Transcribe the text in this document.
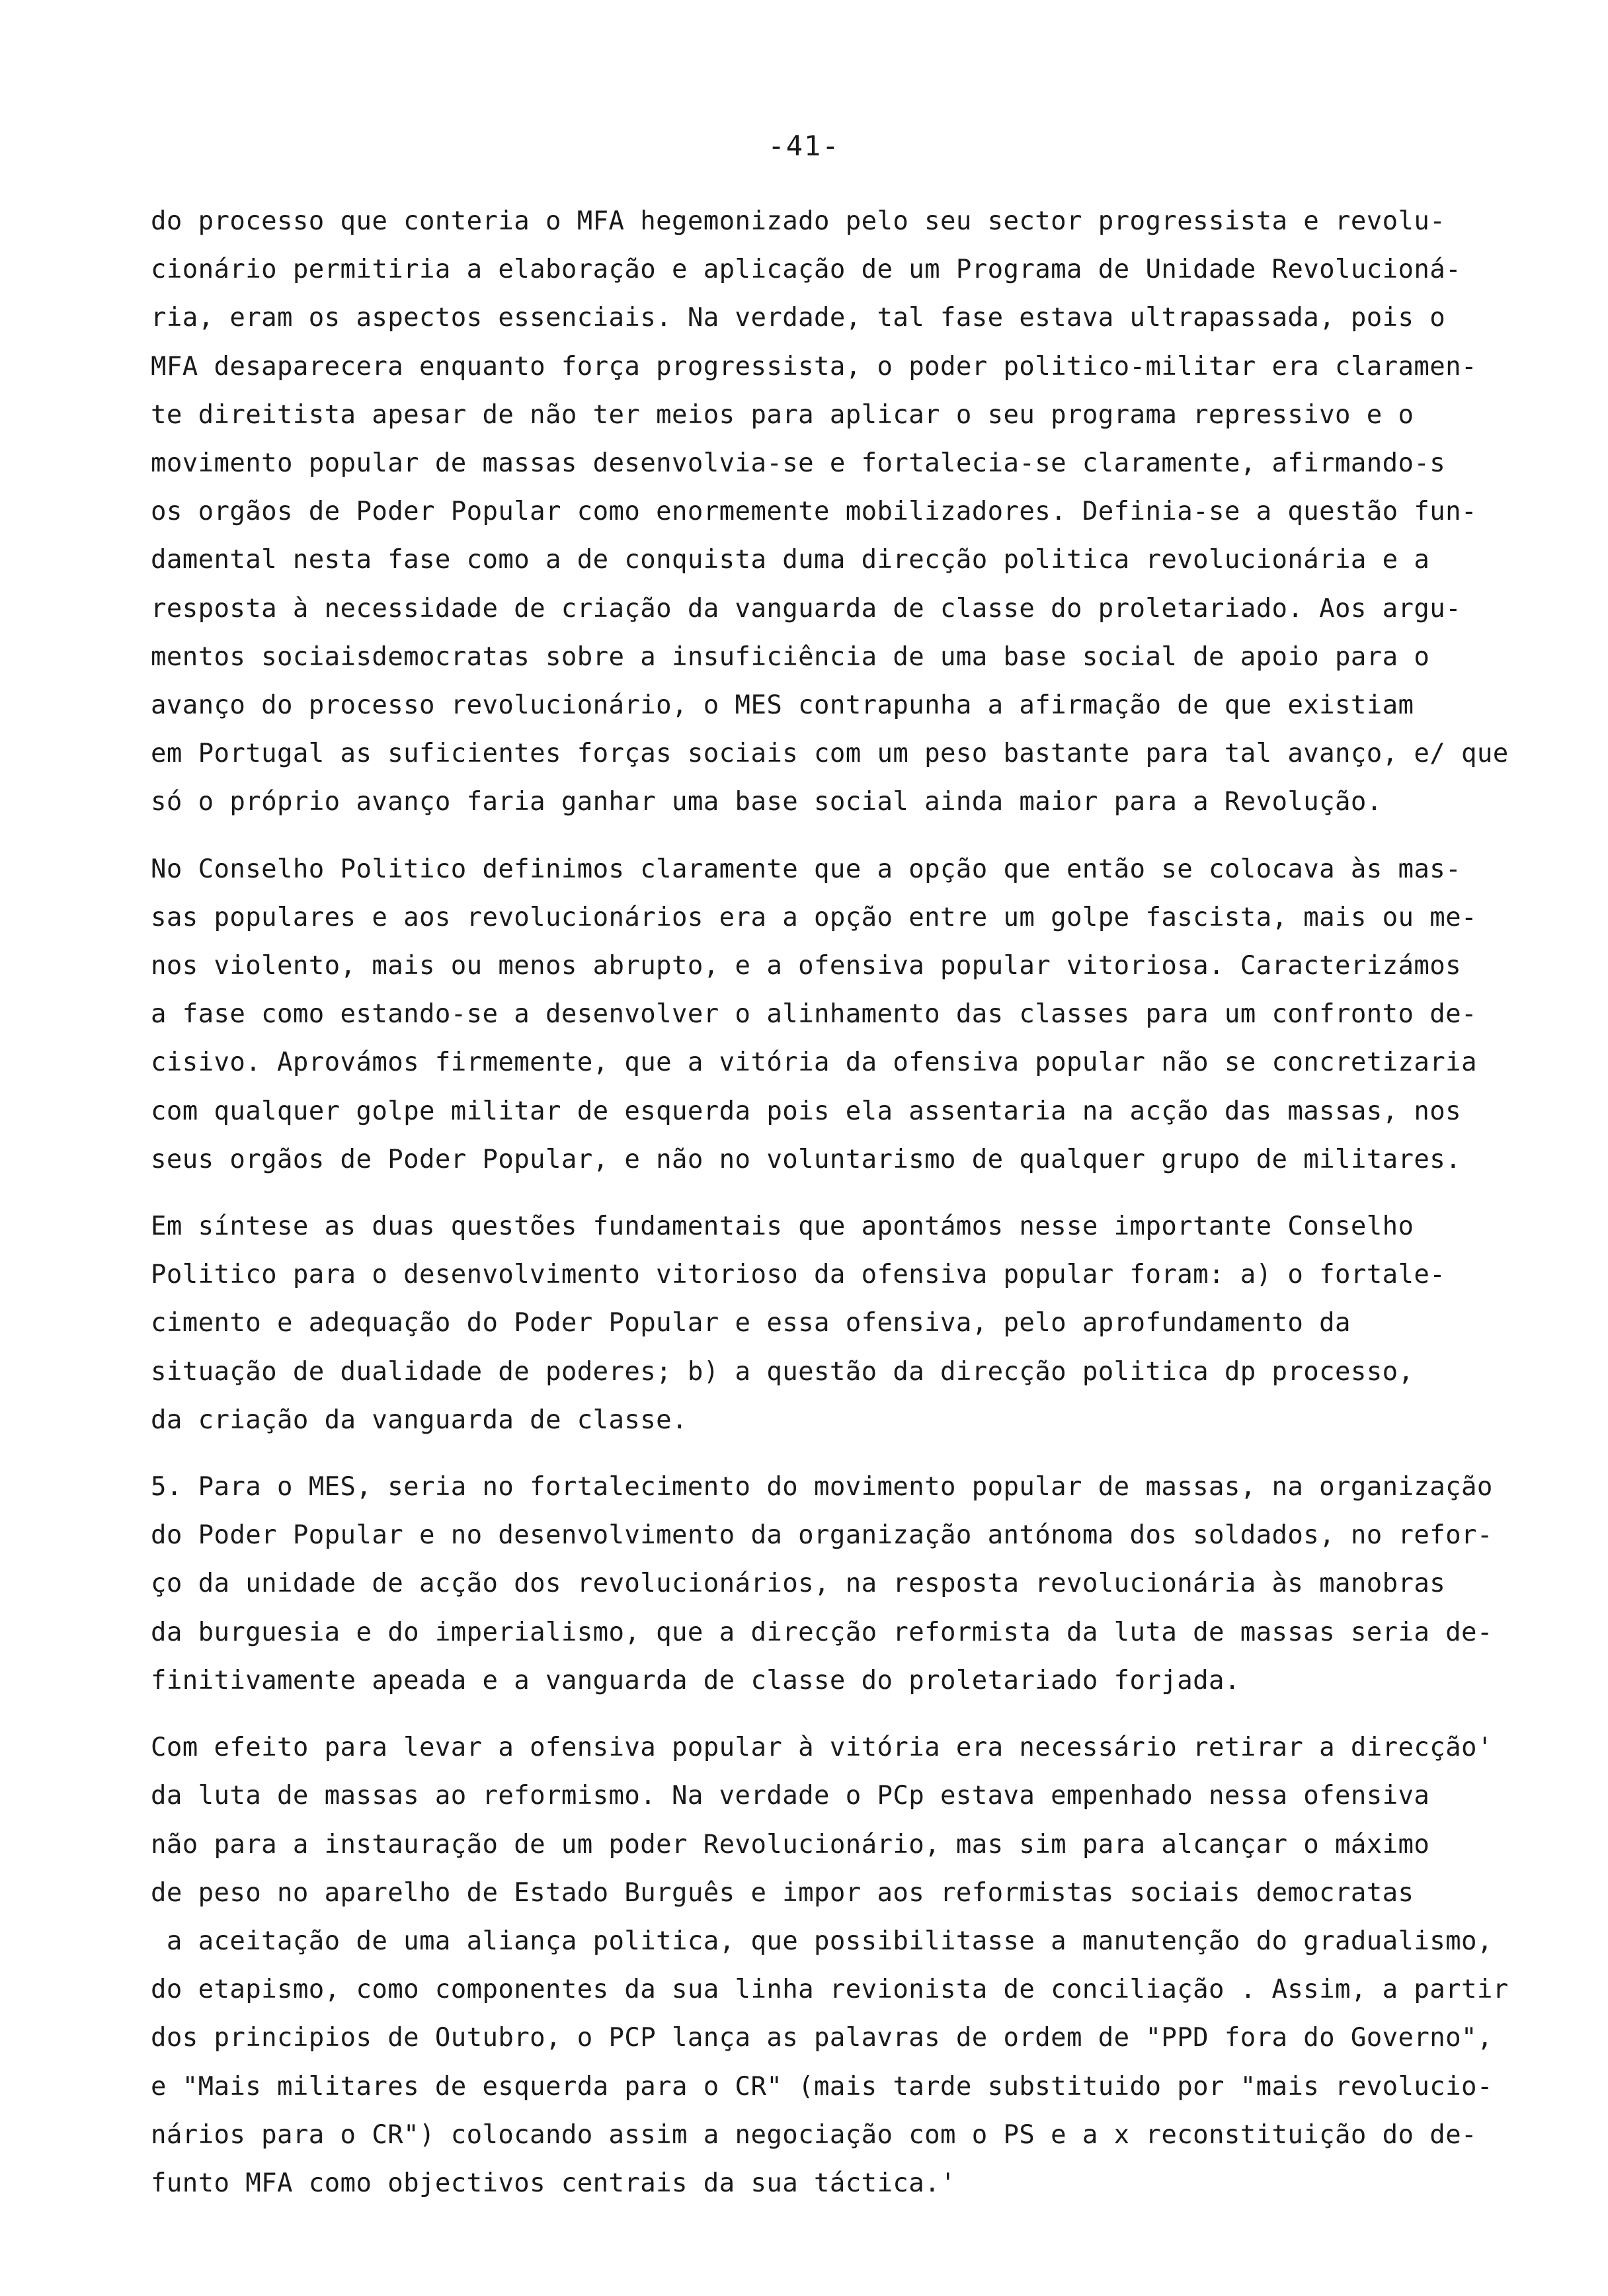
-41-
do processo que conteria o MFA hegemonizado pelo seu sector progressista e revolu-
cionário permitiria a elaboração e aplicação de um Programa de Unidade Revolucioná-
ria, eram os aspectos essenciais. Na verdade, tal fase estava ultrapassada, pois o
MFA desaparecera enquanto força progressista, o poder politico-militar era claramen-
te direitista apesar de não ter meios para aplicar o seu programa repressivo e o
movimento popular de massas desenvolvia-se e fortalecia-se claramente, afirmando-s
os orgãos de Poder Popular como enormemente mobilizadores. Definia-se a questão fun-
damental nesta fase como a de conquista duma direcção politica revolucionária e a
resposta à necessidade de criação da vanguarda de classe do proletariado. Aos argu-
mentos sociaisdemocratas sobre a insuficiência de uma base social de apoio para o
avanço do processo revolucionário, o MES contrapunha a afirmação de que existiam
em Portugal as suficientes forças sociais com um peso bastante para tal avanço, e/ que
só o próprio avanço faria ganhar uma base social ainda maior para a Revolução.
No Conselho Politico definimos claramente que a opção que então se colocava às mas-
sas populares e aos revolucionários era a opção entre um golpe fascista, mais ou me-
nos violento, mais ou menos abrupto, e a ofensiva popular vitoriosa. Caracterizámos
a fase como estando-se a desenvolver o alinhamento das classes para um confronto de-
cisivo. Aprovámos firmemente, que a vitória da ofensiva popular não se concretizaria
com qualquer golpe militar de esquerda pois ela assentaria na acção das massas, nos
seus orgãos de Poder Popular, e não no voluntarismo de qualquer grupo de militares.
Em síntese as duas questões fundamentais que apontámos nesse importante Conselho
Politico para o desenvolvimento vitorioso da ofensiva popular foram: a) o fortale-
cimento e adequação do Poder Popular e essa ofensiva, pelo aprofundamento da
situação de dualidade de poderes; b) a questão da direcção politica dp processo,
da criação da vanguarda de classe.
5. Para o MES, seria no fortalecimento do movimento popular de massas, na organização
do Poder Popular e no desenvolvimento da organização antónoma dos soldados, no refor-
ço da unidade de acção dos revolucionários, na resposta revolucionária às manobras
da burguesia e do imperialismo, que a direcção reformista da luta de massas seria de-
finitivamente apeada e a vanguarda de classe do proletariado forjada.
Com efeito para levar a ofensiva popular à vitória era necessário retirar a direcção'
da luta de massas ao reformismo. Na verdade o PCp estava empenhado nessa ofensiva
não para a instauração de um poder Revolucionário, mas sim para alcançar o máximo
de peso no aparelho de Estado Burguês e impor aos reformistas sociais democratas
a aceitação de uma aliança politica, que possibilitasse a manutenção do gradualismo,
do etapismo, como componentes da sua linha revionista de conciliação . Assim, a partir
dos principios de Outubro, o PCP lança as palavras de ordem de "PPD fora do Governo",
e "Mais militares de esquerda para o CR" (mais tarde substituido por "mais revolucio-
nários para o CR") colocando assim a negociação com o PS e a x reconstituição do de-
funto MFA como objectivos centrais da sua táctica.'
